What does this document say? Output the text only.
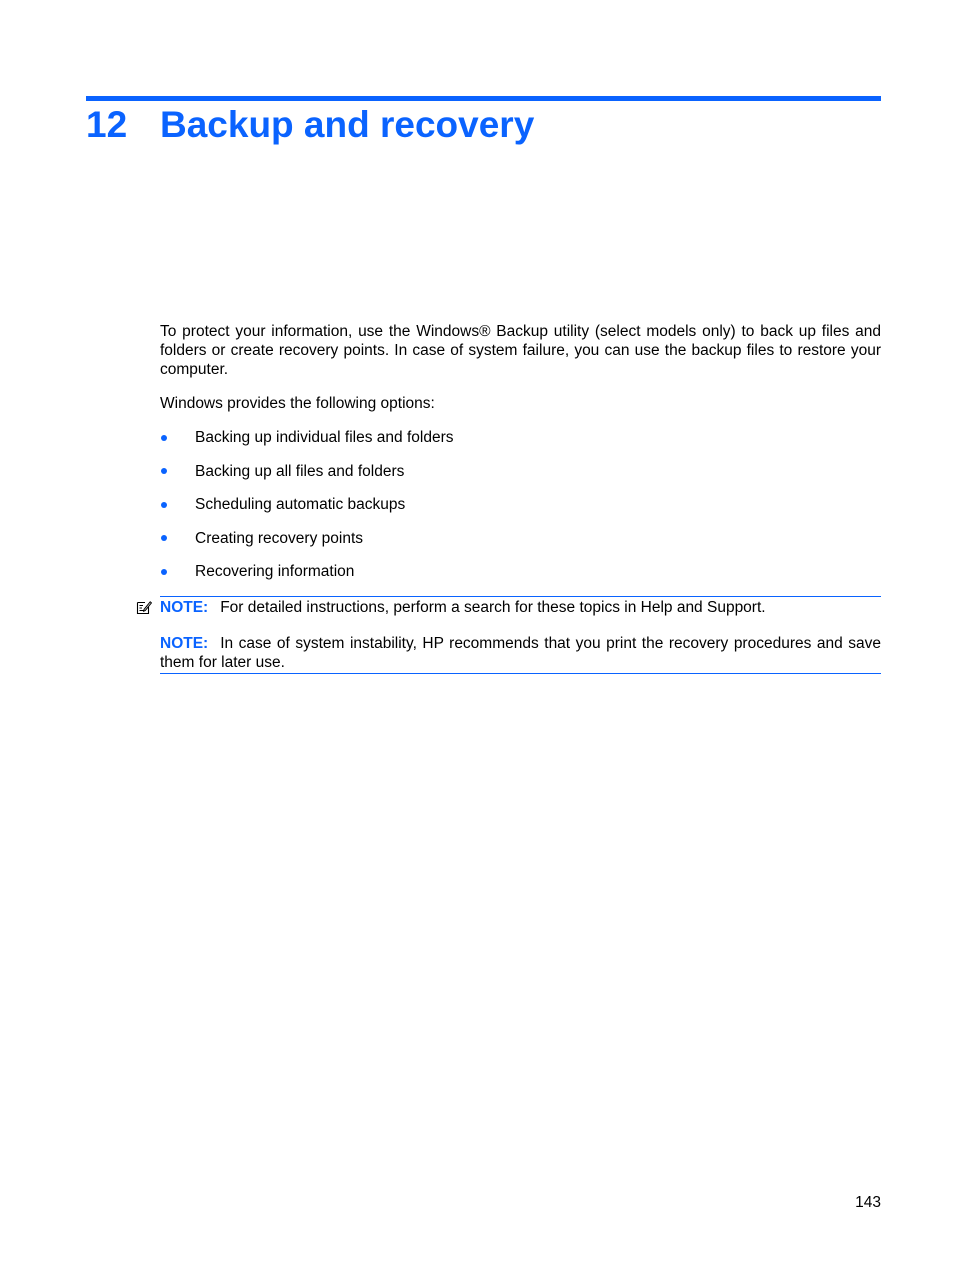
12 Backup and recovery

To protect your information, use the Windows® Backup utility (select models only) to back up files and folders or create recovery points. In case of system failure, you can use the backup files to restore your computer.

Windows provides the following options:

Backing up individual files and folders
Backing up all files and folders
Scheduling automatic backups
Creating recovery points
Recovering information

NOTE: For detailed instructions, perform a search for these topics in Help and Support.

NOTE: In case of system instability, HP recommends that you print the recovery procedures and save them for later use.

143
